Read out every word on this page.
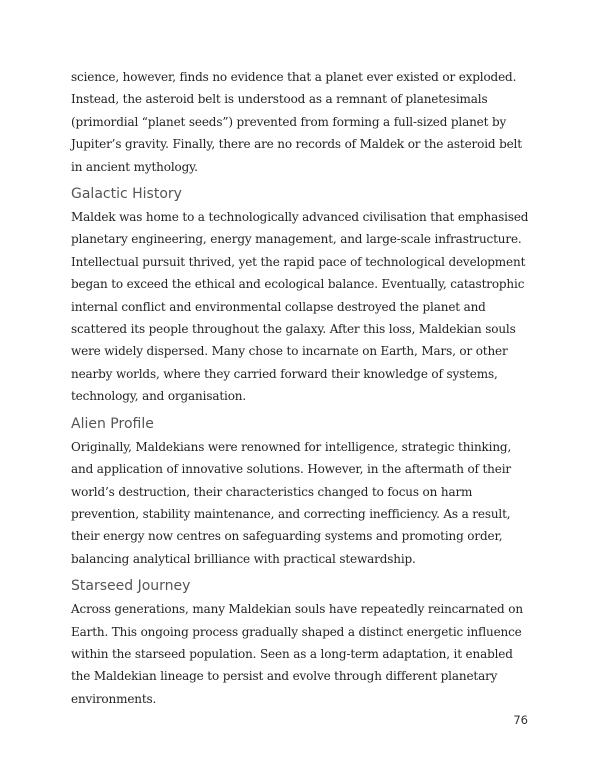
science, however, finds no evidence that a planet ever existed or exploded. Instead, the asteroid belt is understood as a remnant of planetesimals (primordial “planet seeds”) prevented from forming a full-sized planet by Jupiter’s gravity. Finally, there are no records of Maldek or the asteroid belt in ancient mythology.

Galactic History

Maldek was home to a technologically advanced civilisation that emphasised planetary engineering, energy management, and large-scale infrastructure. Intellectual pursuit thrived, yet the rapid pace of technological development began to exceed the ethical and ecological balance. Eventually, catastrophic internal conflict and environmental collapse destroyed the planet and scattered its people throughout the galaxy. After this loss, Maldekian souls were widely dispersed. Many chose to incarnate on Earth, Mars, or other nearby worlds, where they carried forward their knowledge of systems, technology, and organisation.

Alien Profile

Originally, Maldekians were renowned for intelligence, strategic thinking, and application of innovative solutions. However, in the aftermath of their world’s destruction, their characteristics changed to focus on harm prevention, stability maintenance, and correcting inefficiency. As a result, their energy now centres on safeguarding systems and promoting order, balancing analytical brilliance with practical stewardship.

Starseed Journey

Across generations, many Maldekian souls have repeatedly reincarnated on Earth. This ongoing process gradually shaped a distinct energetic influence within the starseed population. Seen as a long-term adaptation, it enabled the Maldekian lineage to persist and evolve through different planetary environments.

76
